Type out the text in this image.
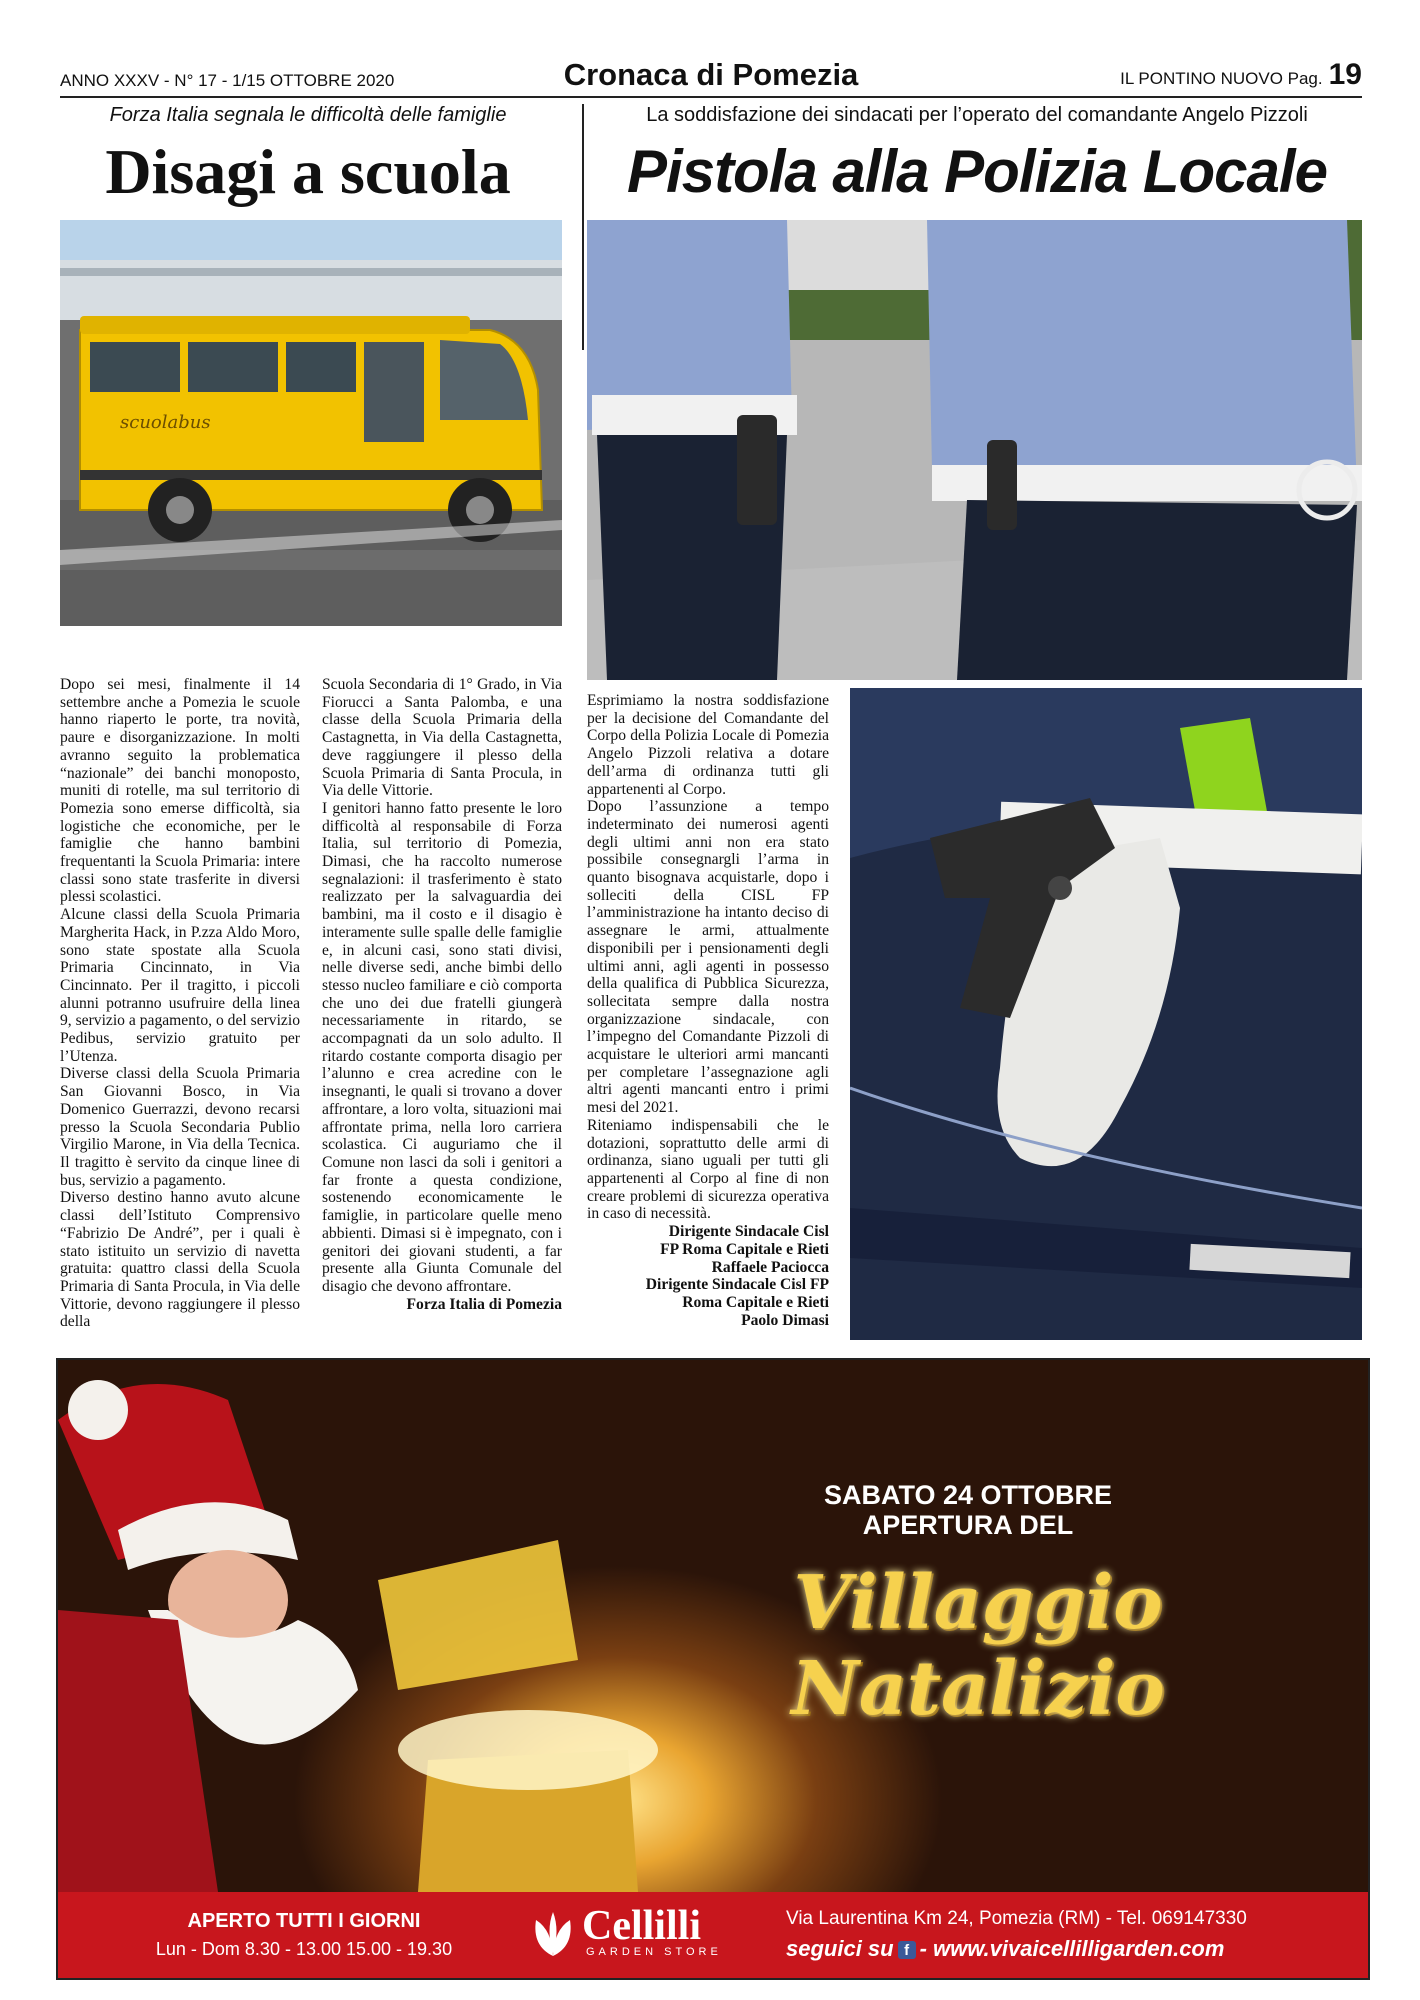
ANNO XXXV - N° 17 - 1/15 OTTOBRE 2020	Cronaca di Pomezia	IL PONTINO NUOVO Pag. 19
Forza Italia segnala le difficoltà delle famiglie
Disagi a scuola
La soddisfazione dei sindacati per l’operato del comandante Angelo Pizzoli
Pistola alla Polizia Locale
scuolabus

Dopo sei mesi, finalmente il 14 settembre anche a Pomezia le scuole hanno riaperto le porte, tra novità, paure e disorganizzazione. In molti avranno seguito la problematica “nazionale” dei banchi monoposto, muniti di rotelle, ma sul territorio di Pomezia sono emerse difficoltà, sia logistiche che economiche, per le famiglie che hanno bambini frequentanti la Scuola Primaria: intere classi sono state trasferite in diversi plessi scolastici.

Alcune classi della Scuola Primaria Margherita Hack, in P.zza Aldo Moro, sono state spostate alla Scuola Primaria Cincinnato, in Via Cincinnato. Per il tragitto, i piccoli alunni potranno usufruire della linea 9, servizio a pagamento, o del servizio Pedibus, servizio gratuito per l’Utenza.

Diverse classi della Scuola Primaria San Giovanni Bosco, in Via Domenico Guerrazzi, devono recarsi presso la Scuola Secondaria Publio Virgilio Marone, in Via della Tecnica. Il tragitto è servito da cinque linee di bus, servizio a pagamento.

Diverso destino hanno avuto alcune classi dell’Istituto Comprensivo “Fabrizio De André”, per i quali è stato istituito un servizio di navetta gratuita: quattro classi della Scuola Primaria di Santa Procula, in Via delle Vittorie, devono raggiungere il plesso della

Scuola Secondaria di 1° Grado, in Via Fiorucci a Santa Palomba, e una classe della Scuola Primaria della Castagnetta, in Via della Castagnetta, deve raggiungere il plesso della Scuola Primaria di Santa Procula, in Via delle Vittorie.

I genitori hanno fatto presente le loro difficoltà al responsabile di Forza Italia, sul territorio di Pomezia, Dimasi, che ha raccolto numerose segnalazioni: il trasferimento è stato realizzato per la salvaguardia dei bambini, ma il costo e il disagio è interamente sulle spalle delle famiglie e, in alcuni casi, sono stati divisi, nelle diverse sedi, anche bimbi dello stesso nucleo familiare e ciò comporta che uno dei due fratelli giungerà necessariamente in ritardo, se accompagnati da un solo adulto. Il ritardo costante comporta disagio per l’alunno e crea acredine con le insegnanti, le quali si trovano a dover affrontare, a loro volta, situazioni mai affrontate prima, nella loro carriera scolastica. Ci auguriamo che il Comune non lasci da soli i genitori a far fronte a questa condizione, sostenendo economicamente le famiglie, in particolare quelle meno abbienti. Dimasi si è impegnato, con i genitori dei giovani studenti, a far presente alla Giunta Comunale del disagio che devono affrontare.

Forza Italia di Pomezia

Esprimiamo la nostra soddisfazione per la decisione del Comandante del Corpo della Polizia Locale di Pomezia Angelo Pizzoli relativa a dotare dell’arma di ordinanza tutti gli appartenenti al Corpo.

Dopo l’assunzione a tempo indeterminato dei numerosi agenti degli ultimi anni non era stato possibile consegnargli l’arma in quanto bisognava acquistarle, dopo i solleciti della CISL FP l’amministrazione ha intanto deciso di assegnare le armi, attualmente disponibili per i pensionamenti degli ultimi anni, agli agenti in possesso della qualifica di Pubblica Sicurezza, sollecitata sempre dalla nostra organizzazione sindacale, con l’impegno del Comandante Pizzoli di acquistare le ulteriori armi mancanti per completare l’assegnazione agli altri agenti mancanti entro i primi mesi del 2021.

Riteniamo indispensabili che le dotazioni, soprattutto delle armi di ordinanza, siano uguali per tutti gli appartenenti al Corpo al fine di non creare problemi di sicurezza operativa in caso di necessità.

Dirigente Sindacale Cisl

FP Roma Capitale e Rieti

Raffaele Paciocca

Dirigente Sindacale Cisl FP

Roma Capitale e Rieti

Paolo Dimasi

SABATO 24 OTTOBRE
APERTURA DEL
Villaggio
Natalizio
APERTO TUTTI I GIORNI
Lun - Dom 8.30 - 13.00 15.00 - 19.30	Cellilli
GARDEN STORE
Via Laurentina Km 24, Pomezia (RM) - Tel. 069147330
seguici su f - www.vivaicellilligarden.com
